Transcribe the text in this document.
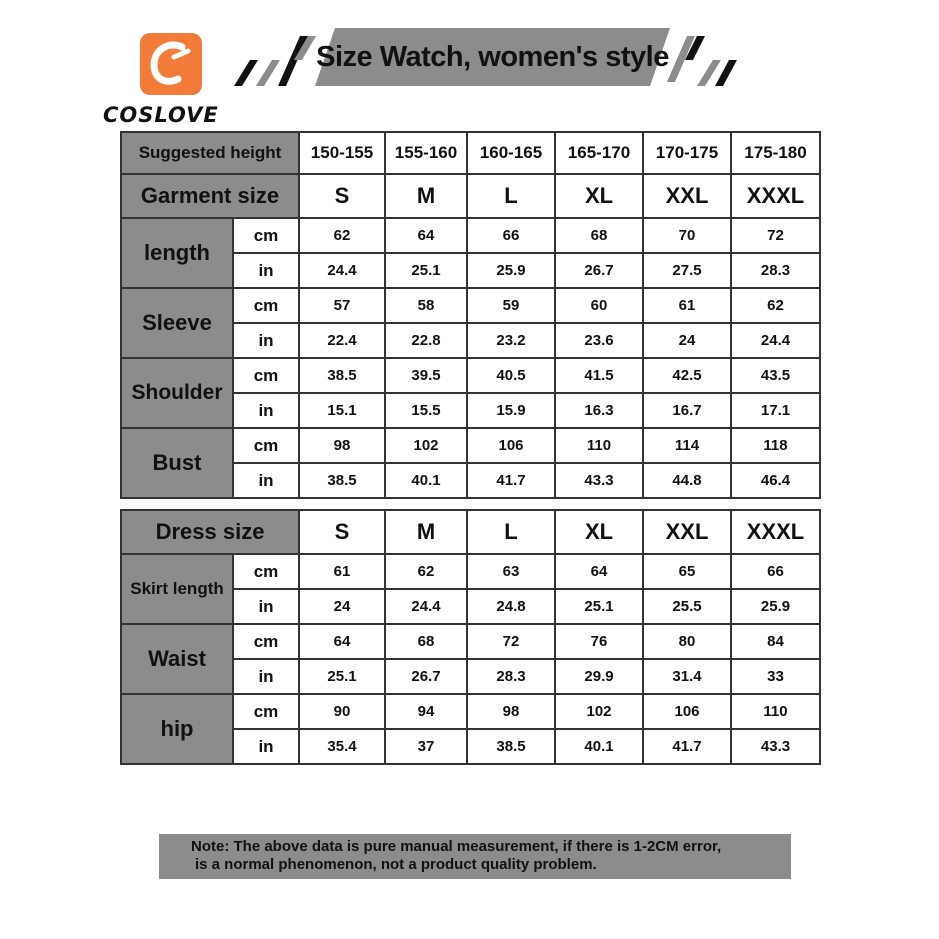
COSLOVE
Size Watch, women's style
Suggested height		150-155	155-160	160-165	165-170	170-175	175-180
Garment size		S	M	L	XL	XXL	XXXL
length	cm	62	64	66	68	70	72
	in	24.4	25.1	25.9	26.7	27.5	28.3
Sleeve	cm	57	58	59	60	61	62
	in	22.4	22.8	23.2	23.6	24	24.4
Shoulder	cm	38.5	39.5	40.5	41.5	42.5	43.5
	in	15.1	15.5	15.9	16.3	16.7	17.1
Bust	cm	98	102	106	110	114	118
	in	38.5	40.1	41.7	43.3	44.8	46.4
Dress size		S	M	L	XL	XXL	XXXL
Skirt length	cm	61	62	63	64	65	66
	in	24	24.4	24.8	25.1	25.5	25.9
Waist	cm	64	68	72	76	80	84
	in	25.1	26.7	28.3	29.9	31.4	33
hip	cm	90	94	98	102	106	110
	in	35.4	37	38.5	40.1	41.7	43.3
Note: The above data is pure manual measurement, if there is 1-2CM error,
is a normal phenomenon, not a product quality problem.
